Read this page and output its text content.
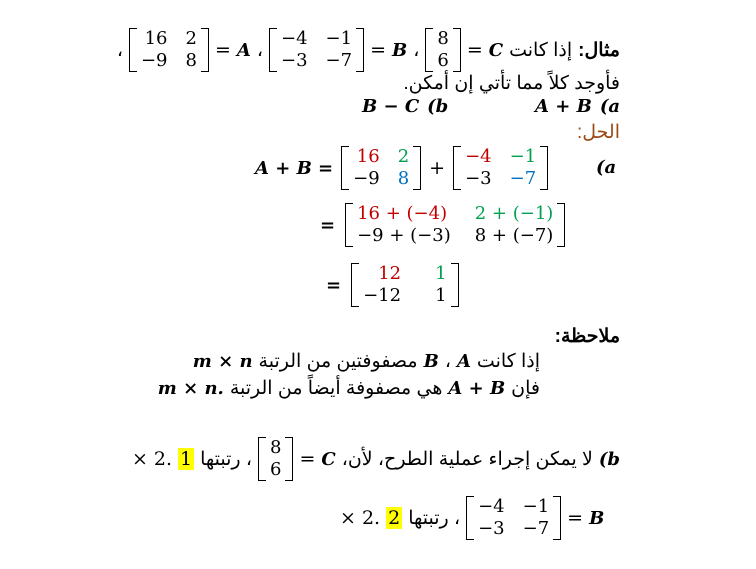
مثال:
إذا كانت
C
=
8
6
،
B
=
−4 −1
−3 −7
،
A
=
16 2
−9 8
،
فأوجد كلاً مما تأتي إن أمكن.
(a
A + B
(b
B − C
الحل:
(a
A + B =
16 2
−9 8 +
−4 −1
−3 −7
=
16 + (−4) 2 + (−1)
−9 + (−3) 8 + (−7)
=
12 1
−12 1
ملاحظة:
إذا كانت
A
،
B
مصفوفتين من الرتبة
m × n
فإن
A + B
هي مصفوفة أيضاً من الرتبة
m × n.
(b
لا يمكن إجراء عملية الطرح، لأن،
C
=
8
6
، رتبتها
1
× 2.
B
=
−4 −1
−3 −7
، رتبتها
2
× 2.
